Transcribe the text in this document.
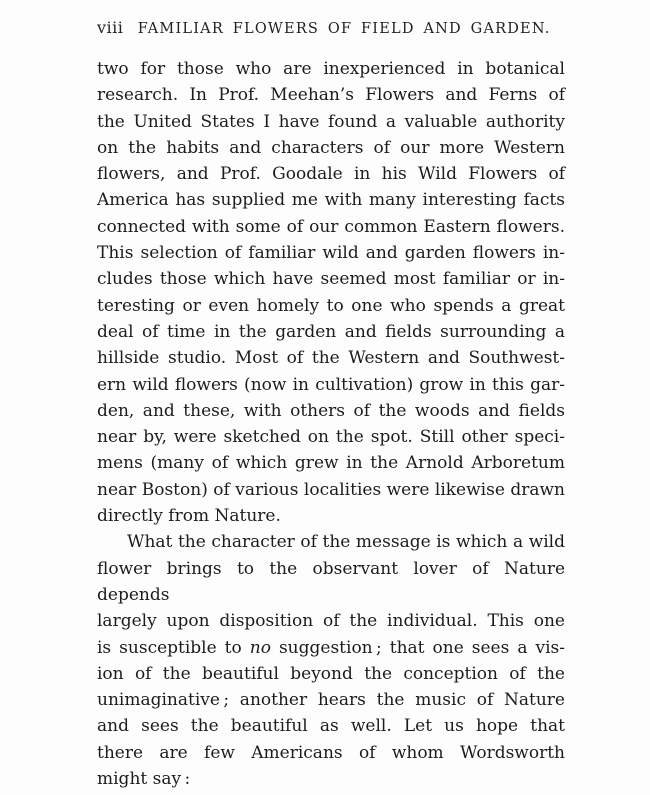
viii FAMILIAR FLOWERS OF FIELD AND GARDEN.
two for those who are inexperienced in botanical
research. In Prof. Meehan’s Flowers and Ferns of
the United States I have found a valuable authority
on the habits and characters of our more Western
flowers, and Prof. Goodale in his Wild Flowers of
America has supplied me with many interesting facts
connected with some of our common Eastern flowers.
This selection of familiar wild and garden flowers in-
cludes those which have seemed most familiar or in-
teresting or even homely to one who spends a great
deal of time in the garden and fields surrounding a
hillside studio. Most of the Western and Southwest-
ern wild flowers (now in cultivation) grow in this gar-
den, and these, with others of the woods and fields
near by, were sketched on the spot. Still other speci-
mens (many of which grew in the Arnold Arboretum
near Boston) of various localities were likewise drawn
directly from Nature.
What the character of the message is which a wild
flower brings to the observant lover of Nature depends
largely upon disposition of the individual. This one
is susceptible to no suggestion ; that one sees a vis-
ion of the beautiful beyond the conception of the
unimaginative ; another hears the music of Nature
and sees the beautiful as well. Let us hope that
there are few Americans of whom Wordsworth
might say :
